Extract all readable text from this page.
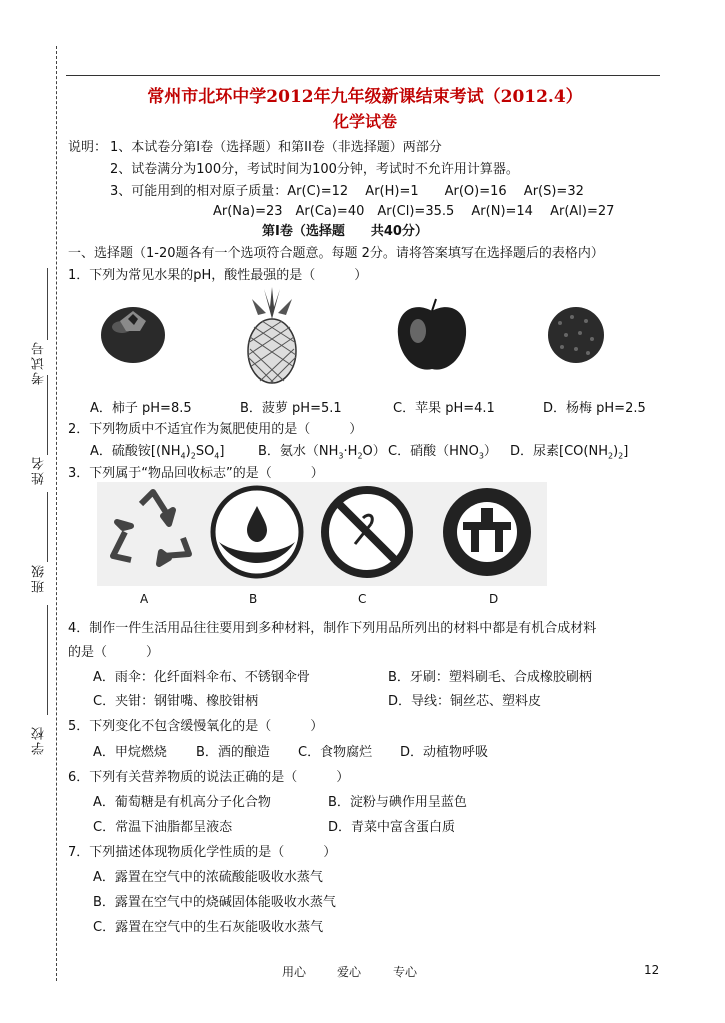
考试号
姓名
班级
学校
常州市北环中学2012年九年级新课结束考试（2012.4）
化学试卷
说明： 1、本试卷分第Ⅰ卷（选择题）和第II卷（非选择题）两部分
2、试卷满分为100分，考试时间为100分钟，考试时不允许用计算器。
3、可能用到的相对原子质量：Ar(C)=12　 Ar(H)=1　　Ar(O)=16　 Ar(S)=32
Ar(Na)=23　Ar(Ca)=40　Ar(Cl)=35.5　 Ar(N)=14　 Ar(Al)=27
第Ⅰ卷（选择题　　共40分）
一、选择题（1-20题各有一个选项符合题意。每题 2分。请将答案填写在选择题后的表格内）
1．下列为常见水果的pH，酸性最强的是（　　　）
A．柿子 pH=8.5	B．菠萝 pH=5.1	C．苹果 pH=4.1	D．杨梅 pH=2.5
2．下列物质中不适宜作为氮肥使用的是（　　　）
A．硫酸铵$[(NH_4)_2SO_4]$	B．氨水$(NH_3\cdot H_2O)$ C．硝酸$(HNO_3)$ D．尿素$[CO(NH_2)_2]$
3．下列属于“物品回收标志”的是（　　　）
A	B	C	D
4．制作一件生活用品往往要用到多种材料，制作下列用品所列出的材料中都是有机合成材料
的是（　　　）
A．雨伞：化纤面料伞布、不锈钢伞骨	B．牙刷：塑料刷毛、合成橡胶刷柄
C．夹钳：钢钳嘴、橡胶钳柄	D．导线：铜丝芯、塑料皮
5．下列变化不包含缓慢氧化的是（　　　）
A．甲烷燃烧 B．酒的酿造 C．食物腐烂 D．动植物呼吸
6．下列有关营养物质的说法正确的是（　　　）
A．葡萄糖是有机高分子化合物	B．淀粉与碘作用呈蓝色
C．常温下油脂都呈液态	D．青菜中富含蛋白质
7．下列描述体现物质化学性质的是（　　　）
A．露置在空气中的浓硫酸能吸收水蒸气
B．露置在空气中的烧碱固体能吸收水蒸气
C．露置在空气中的生石灰能吸收水蒸气
用心	爱心	专心	12
